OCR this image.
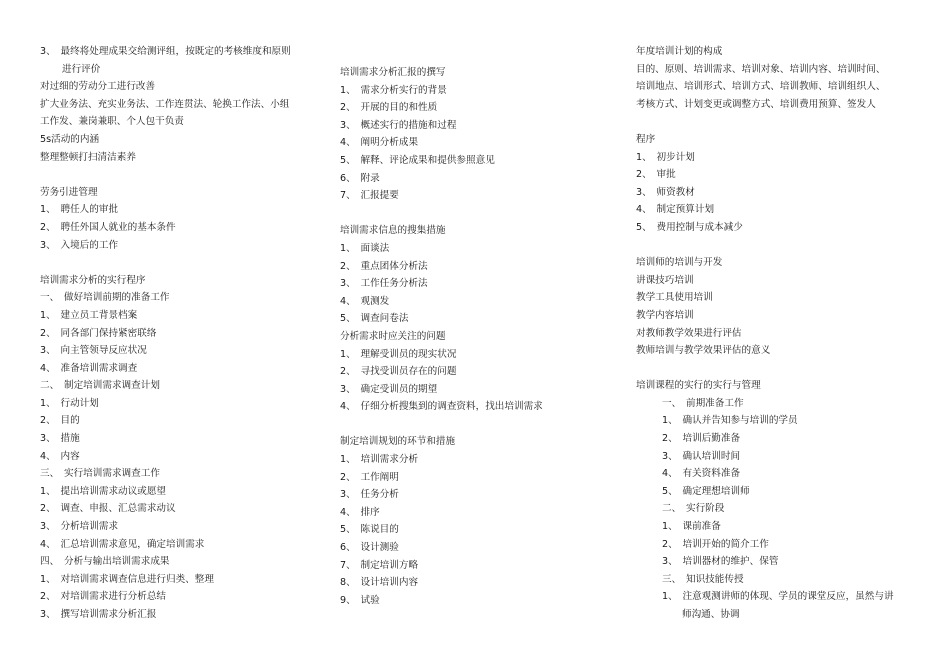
3、　最终将处理成果交给测评组，按既定的考核维度和原则
进行评价
对过细的劳动分工进行改善
扩大业务法、充实业务法、工作连贯法、轮换工作法、小组
工作发、兼岗兼职、个人包干负责
5s活动的内涵
整理整顿打扫清洁素养
劳务引进管理
1、　聘任人的审批
2、　聘任外国人就业的基本条件
3、　入境后的工作
培训需求分析的实行程序
一、　做好培训前期的准备工作
1、　建立员工背景档案
2、　同各部门保持紧密联络
3、　向主管领导反应状况
4、　准备培训需求调查
二、　制定培训需求调查计划
1、　行动计划
2、　目的
3、　措施
4、　内容
三、　实行培训需求调查工作
1、　提出培训需求动议或愿望
2、　调查、申报、汇总需求动议
3、　分析培训需求
4、　汇总培训需求意见，确定培训需求
四、　分析与输出培训需求成果
1、　对培训需求调查信息进行归类、整理
2、　对培训需求进行分析总结
3、　撰写培训需求分析汇报
培训需求分析汇报的撰写
1、　需求分析实行的背景
2、　开展的目的和性质
3、　概述实行的措施和过程
4、　阐明分析成果
5、　解释、评论成果和提供参照意见
6、　附录
7、　汇报提要
培训需求信息的搜集措施
1、　面谈法
2、　重点团体分析法
3、　工作任务分析法
4、　观测发
5、　调查问卷法
分析需求时应关注的问题
1、　理解受训员的现实状况
2、　寻找受训员存在的问题
3、　确定受训员的期望
4、　仔细分析搜集到的调查资料，找出培训需求
制定培训规划的环节和措施
1、　培训需求分析
2、　工作阐明
3、　任务分析
4、　排序
5、　陈说目的
6、　设计测验
7、　制定培训方略
8、　设计培训内容
9、　试验
年度培训计划的构成
目的、原则、培训需求、培训对象、培训内容、培训时间、
培训地点、培训形式、培训方式、培训教师、培训组织人、
考核方式、计划变更或调整方式、培训费用预算、签发人
程序
1、　初步计划
2、　审批
3、　师资教材
4、　制定预算计划
5、　费用控制与成本减少
培训师的培训与开发
讲课技巧培训
教学工具使用培训
教学内容培训
对教师教学效果进行评估
教师培训与教学效果评估的意义
培训课程的实行的实行与管理
一、　前期准备工作
1、　确认并告知参与培训的学员
2、　培训后勤准备
3、　确认培训时间
4、　有关资料准备
5、　确定理想培训师
二、　实行阶段
1、　课前准备
2、　培训开始的简介工作
3、　培训器材的维护、保管
三、　知识技能传授
1、　注意观测讲师的体现、学员的课堂反应，虽然与讲
师沟通、协调
